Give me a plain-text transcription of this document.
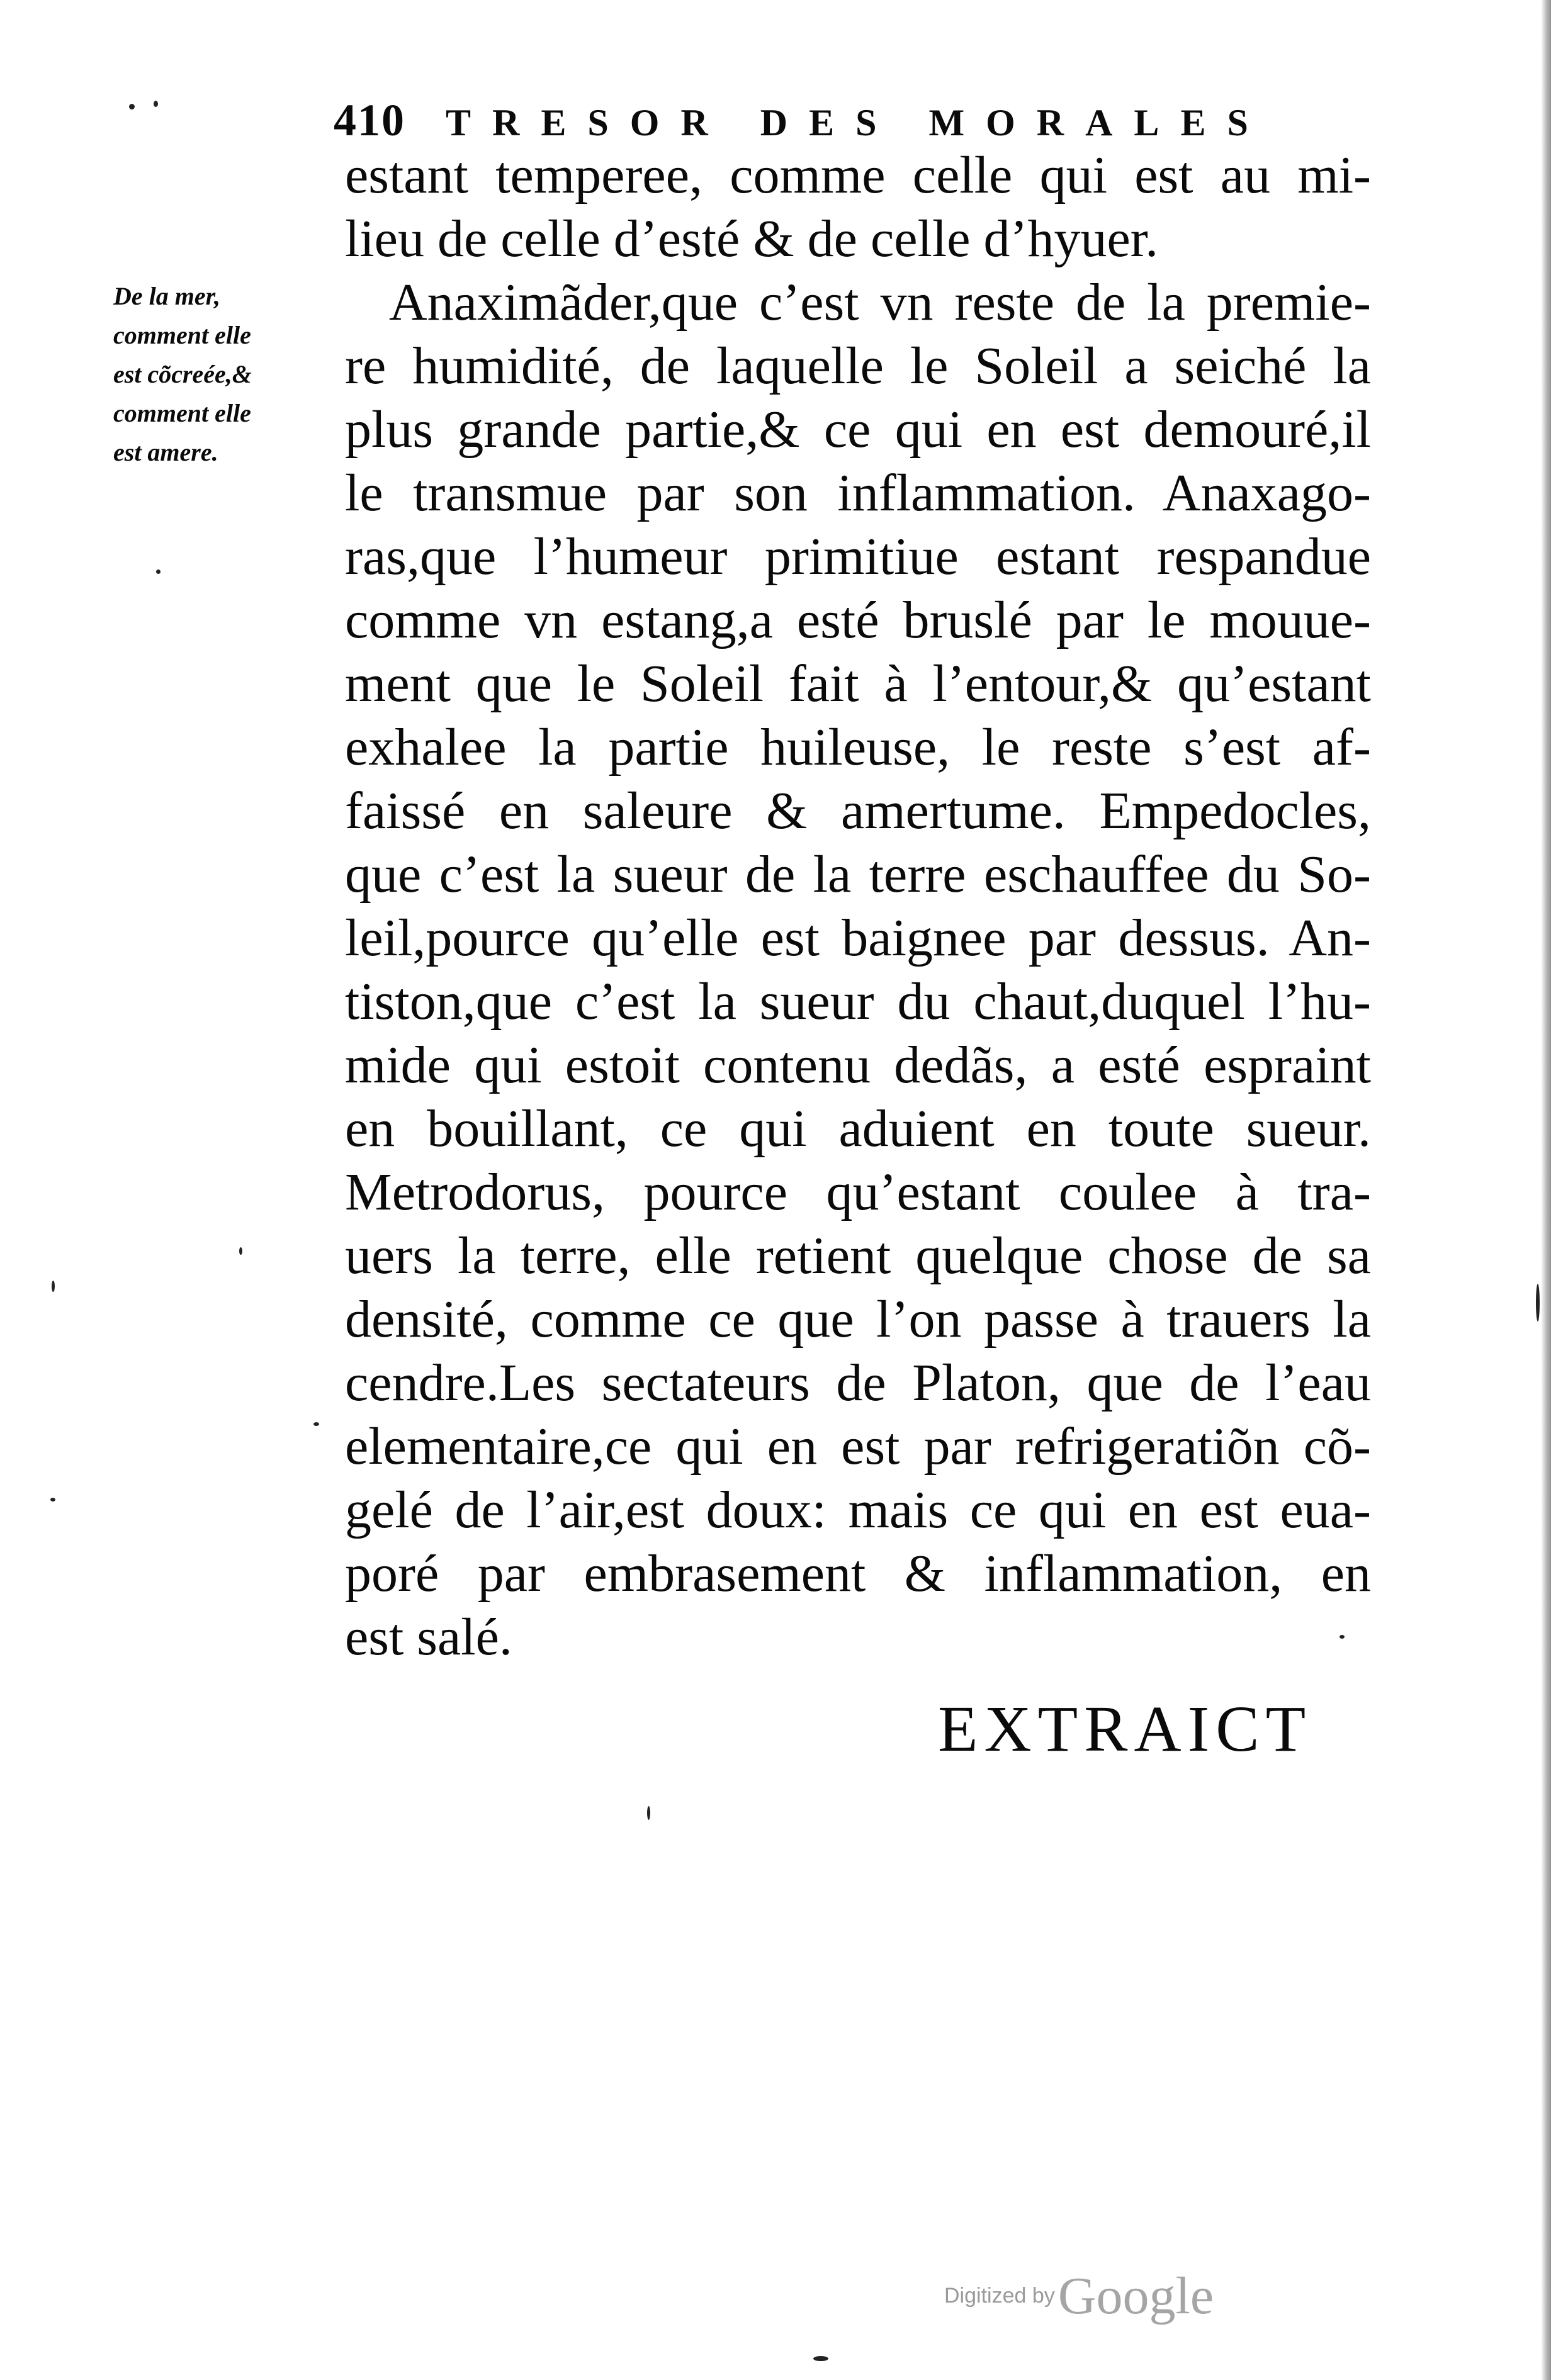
410 TRESOR DES MORALES
De la mer,
comment elle
est cõcreée,&
comment elle
est amere.
estant temperee, comme celle qui est au mi-
lieu de celle d’esté & de celle d’hyuer.
Anaximãder,que c’est vn reste de la premie-
re humidité, de laquelle le Soleil a seiché la
plus grande partie,& ce qui en est demouré,il
le transmue par son inflammation. Anaxago-
ras,que l’humeur primitiue estant respandue
comme vn estang,a esté bruslé par le mouue-
ment que le Soleil fait à l’entour,& qu’estant
exhalee la partie huileuse, le reste s’est af-
faissé en saleure & amertume. Empedocles,
que c’est la sueur de la terre eschauffee du So-
leil,pource qu’elle est baignee par dessus. An-
tiston,que c’est la sueur du chaut,duquel l’hu-
mide qui estoit contenu dedãs, a esté espraint
en bouillant, ce qui aduient en toute sueur.
Metrodorus, pource qu’estant coulee à tra-
uers la terre, elle retient quelque chose de sa
densité, comme ce que l’on passe à trauers la
cendre.Les sectateurs de Platon, que de l’eau
elementaire,ce qui en est par refrigeratiõn cõ-
gelé de l’air,est doux: mais ce qui en est eua-
poré par embrasement & inflammation, en
est salé.
EXTRAICT
Digitized by Google
